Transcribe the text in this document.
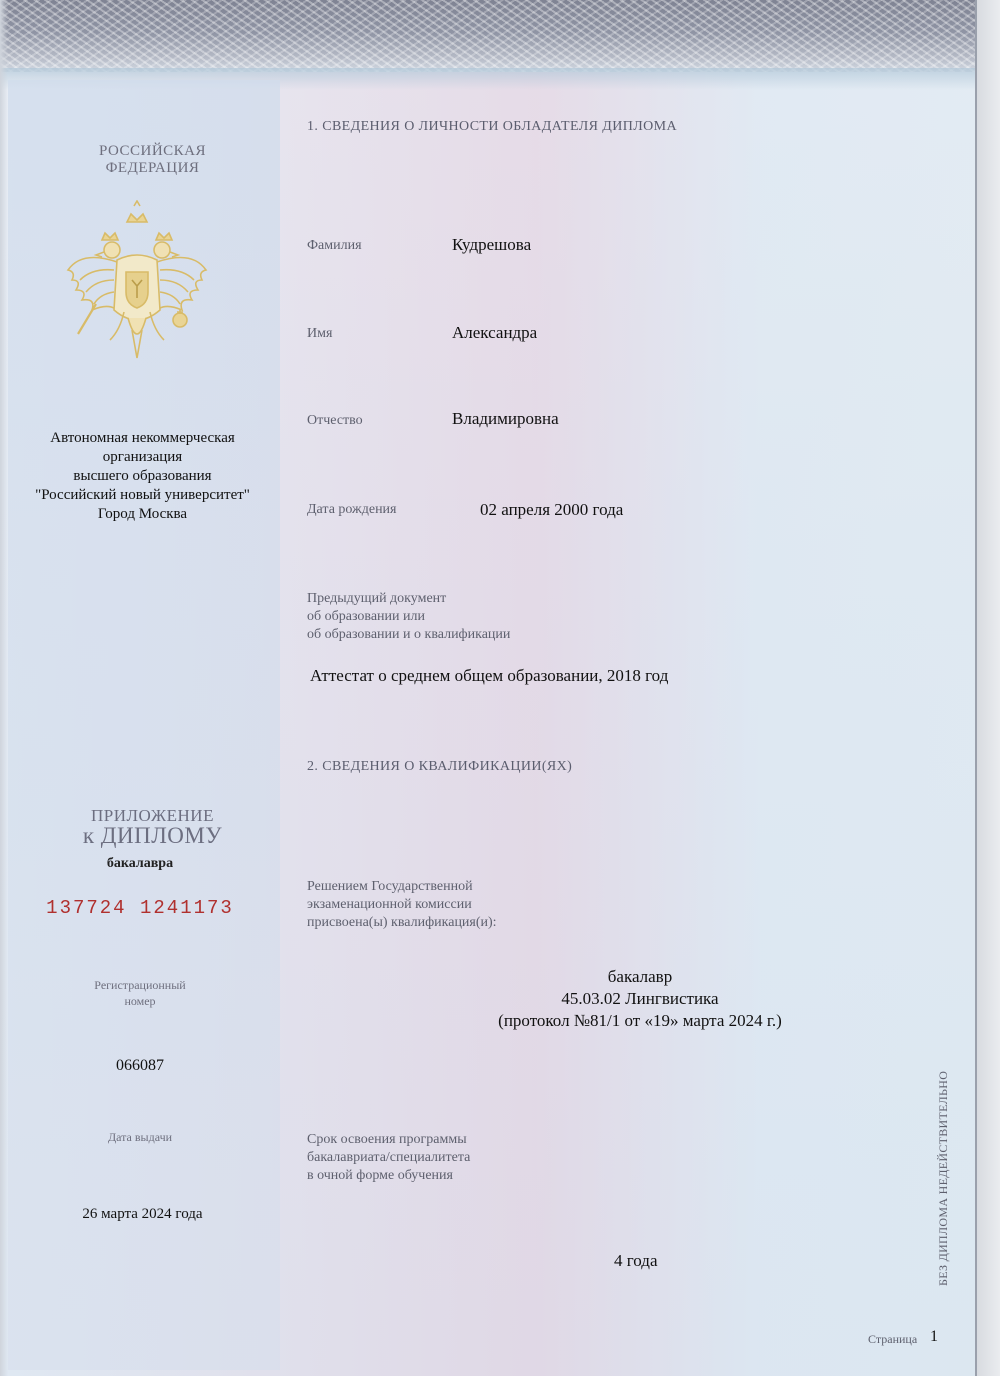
РОССИЙСКАЯ
ФЕДЕРАЦИЯ
Автономная некоммерческая
организация
высшего образования
"Российский новый университет"
Город Москва
ПРИЛОЖЕНИЕ
к ДИПЛОМУ
бакалавра
137724 1241173
Регистрационный
номер
066087
Дата выдачи
26 марта 2024 года
1. СВЕДЕНИЯ О ЛИЧНОСТИ ОБЛАДАТЕЛЯ ДИПЛОМА
Фамилия	Кудрешова
Имя	Александра
Отчество	Владимировна
Дата рождения	02 апреля 2000 года
Предыдущий документ
об образовании или
об образовании и о квалификации
Аттестат о среднем общем образовании, 2018 год
2. СВЕДЕНИЯ О КВАЛИФИКАЦИИ(ЯХ)
Решением Государственной
экзаменационной комиссии
присвоена(ы) квалификация(и):
бакалавр
45.03.02 Лингвистика
(протокол №81/1 от «19» марта 2024 г.)
Срок освоения программы
бакалавриата/специалитета
в очной форме обучения
4 года	БЕЗ ДИПЛОМА НЕДЕЙСТВИТЕЛЬНО
Страница 1
